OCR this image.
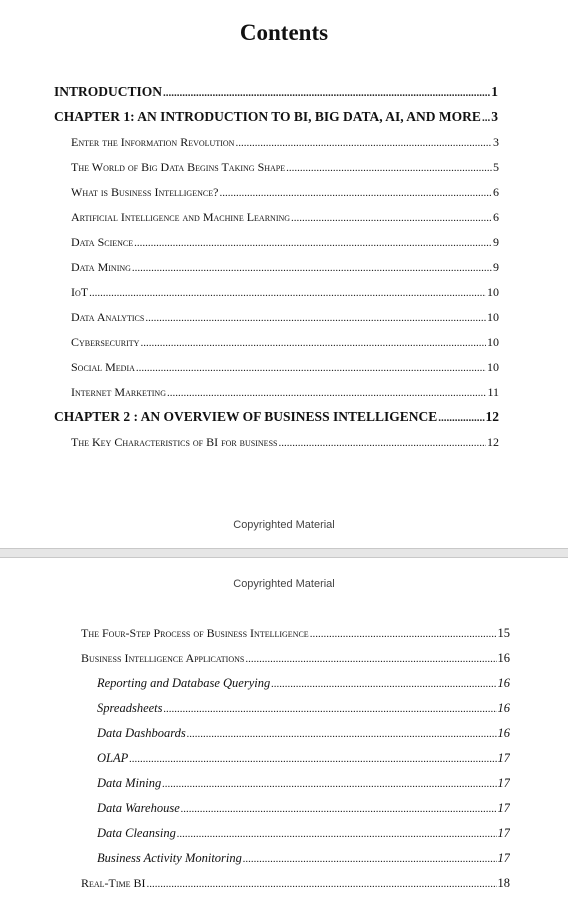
Contents
INTRODUCTION .....	1
CHAPTER 1: AN INTRODUCTION TO BI, BIG DATA, AI, AND MORE ..... 3
Enter the Information Revolution .....	3
The World of Big Data Begins Taking Shape .....	5
What is Business Intelligence? .....	6
Artificial Intelligence and Machine Learning .....	6
Data Science .....	9
Data Mining .....	9
IoT .....	10
Data Analytics .....	10
Cybersecurity .....	10
Social Media .....	10
Internet Marketing .....	11
CHAPTER 2 : AN OVERVIEW OF BUSINESS INTELLIGENCE .....	12
The Key Characteristics of BI for business .....	12
Copyrighted Material
Copyrighted Material
The Four-Step Process of Business Intelligence .....	15
Business Intelligence Applications .....	16
Reporting and Database Querying .....	16
Spreadsheets .....	16
Data Dashboards .....	16
OLAP .....	17
Data Mining .....	17
Data Warehouse .....	17
Data Cleansing .....	17
Business Activity Monitoring .....	17
Real-Time BI .....	18
